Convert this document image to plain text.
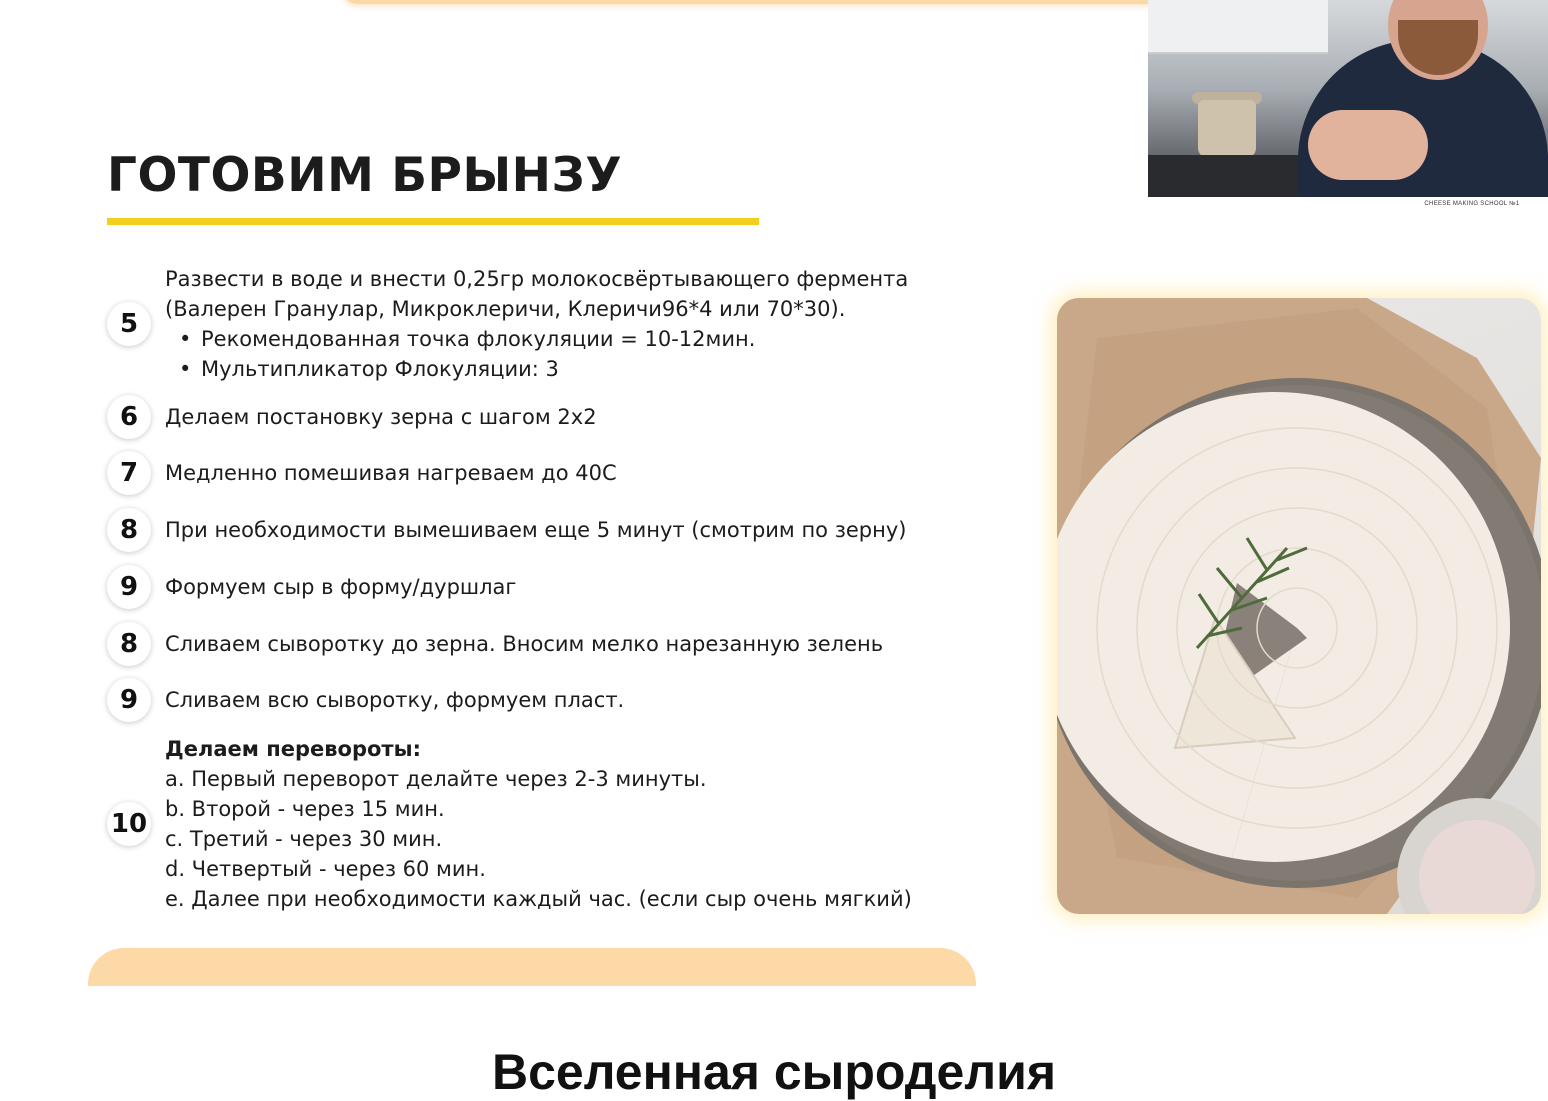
ГОТОВИМ БРЫНЗУ
5
Развести в воде и внести 0,25гр молокосвёртывающего фермента
(Валерен Гранулар, Микроклеричи, Клеричи96*4 или 70*30).
• Рекомендованная точка флокуляции = 10-12мин.
• Мультипликатор Флокуляции: 3
6	Делаем постановку зерна с шагом 2х2
7	Медленно помешивая нагреваем до 40С
8	При необходимости вымешиваем еще 5 минут (смотрим по зерну)
9	Формуем сыр в форму/дуршлаг
8	Сливаем сыворотку до зерна. Вносим мелко нарезанную зелень
9	Сливаем всю сыворотку, формуем пласт.
10
Делаем перевороты:
a. Первый переворот делайте через 2-3 минуты.
b. Второй - через 15 мин.
c. Третий - через 30 мин.
d. Четвертый - через 60 мин.
e. Далее при необходимости каждый час. (если сыр очень мягкий)
Вселенная сыроделия
CHEESE MAKING SCHOOL №1
